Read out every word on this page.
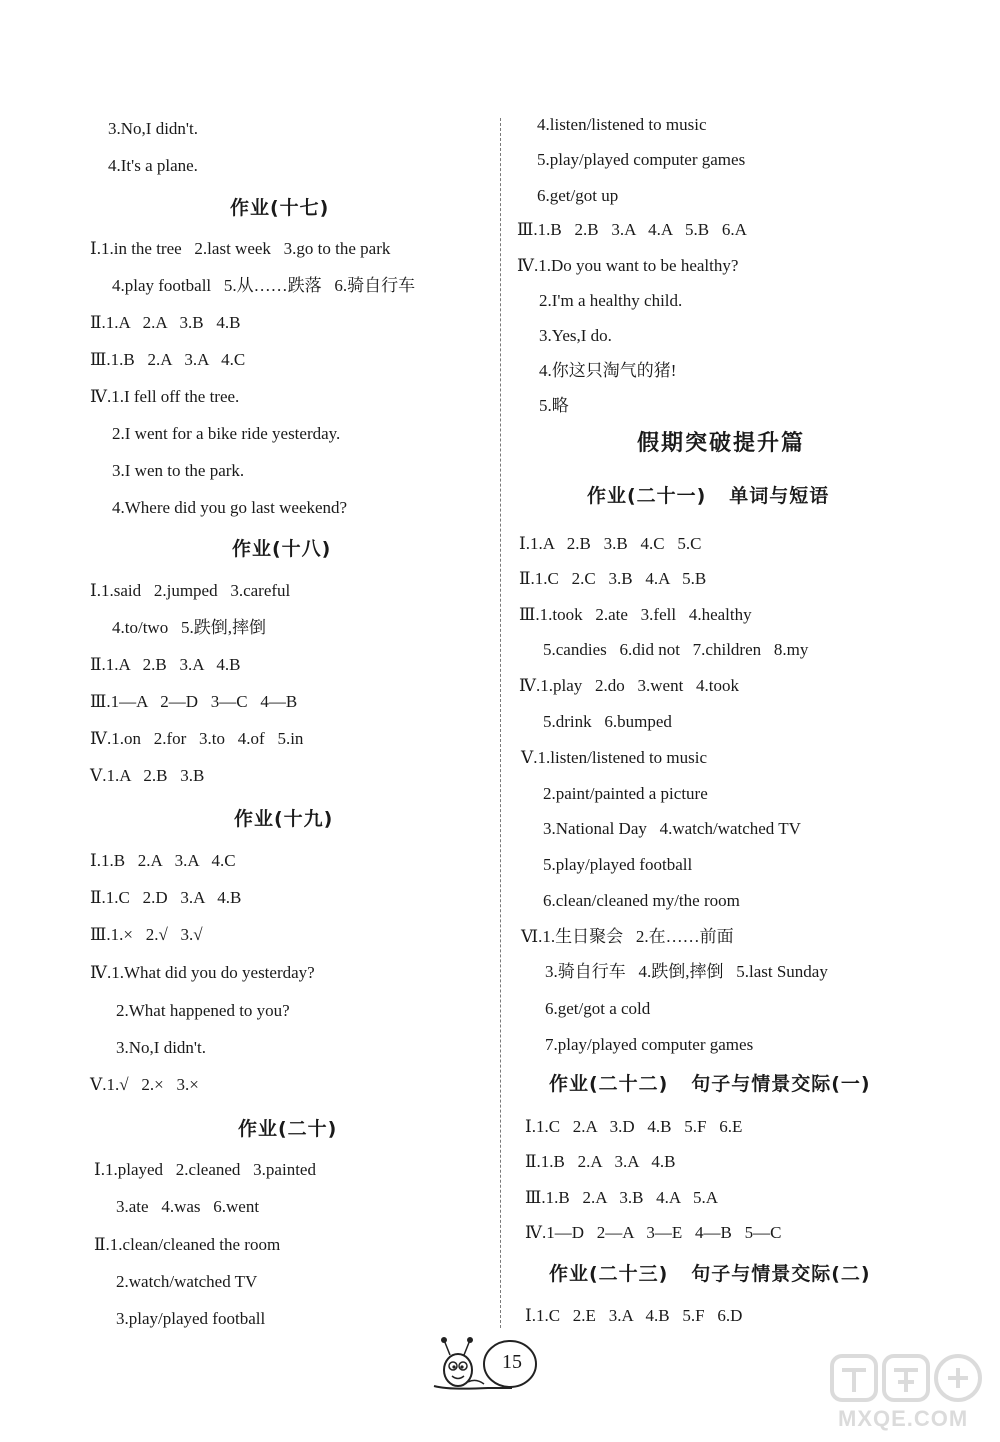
3.No,I didn't.
4.It's a plane.
作业(十七)
Ⅰ.1.in the tree   2.last week   3.go to the park
4.play football   5.从……跌落   6.骑自行车
Ⅱ.1.A   2.A   3.B   4.B
Ⅲ.1.B   2.A   3.A   4.C
Ⅳ.1.I fell off the tree.
2.I went for a bike ride yesterday.
3.I wen to the park.
4.Where did you go last weekend?
作业(十八)
Ⅰ.1.said   2.jumped   3.careful
4.to/two   5.跌倒,摔倒
Ⅱ.1.A   2.B   3.A   4.B
Ⅲ.1—A   2—D   3—C   4—B
Ⅳ.1.on   2.for   3.to   4.of   5.in
Ⅴ.1.A   2.B   3.B
作业(十九)
Ⅰ.1.B   2.A   3.A   4.C
Ⅱ.1.C   2.D   3.A   4.B
Ⅲ.1.×   2.√   3.√
Ⅳ.1.What did you do yesterday?
2.What happened to you?
3.No,I didn't.
Ⅴ.1.√   2.×   3.×
作业(二十)
Ⅰ.1.played   2.cleaned   3.painted
3.ate   4.was   6.went
Ⅱ.1.clean/cleaned the room
2.watch/watched TV
3.play/played football
4.listen/listened to music
5.play/played computer games
6.get/got up
Ⅲ.1.B   2.B   3.A   4.A   5.B   6.A
Ⅳ.1.Do you want to be healthy?
2.I'm a healthy child.
3.Yes,I do.
4.你这只淘气的猪!
5.略
假期突破提升篇
作业(二十一)   单词与短语
Ⅰ.1.A   2.B   3.B   4.C   5.C
Ⅱ.1.C   2.C   3.B   4.A   5.B
Ⅲ.1.took   2.ate   3.fell   4.healthy
5.candies   6.did not   7.children   8.my
Ⅳ.1.play   2.do   3.went   4.took
5.drink   6.bumped
Ⅴ.1.listen/listened to music
2.paint/painted a picture
3.National Day   4.watch/watched TV
5.play/played football
6.clean/cleaned my/the room
Ⅵ.1.生日聚会   2.在……前面
3.骑自行车   4.跌倒,摔倒   5.last Sunday
6.get/got a cold
7.play/played computer games
作业(二十二)   句子与情景交际(一)
Ⅰ.1.C   2.A   3.D   4.B   5.F   6.E
Ⅱ.1.B   2.A   3.A   4.B
Ⅲ.1.B   2.A   3.B   4.A   5.A
Ⅳ.1—D   2—A   3—E   4—B   5—C
作业(二十三)   句子与情景交际(二)
Ⅰ.1.C   2.E   3.A   4.B   5.F   6.D
15
MXQE.COM
